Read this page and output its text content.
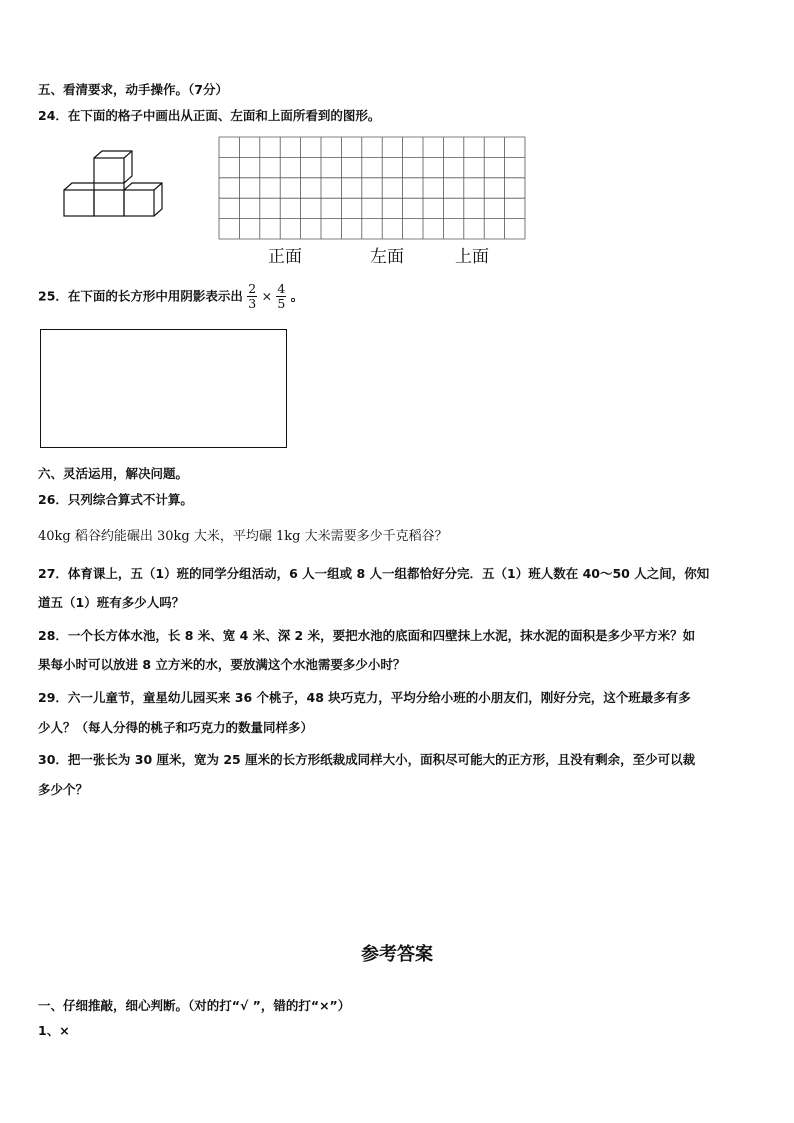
五、看清要求，动手操作。（7分）
24．在下面的格子中画出从正面、左面和上面所看到的图形。
正面	左面	上面
25．在下面的长方形中用阴影表示出 $\frac{2}{3} \times \frac{4}{5}$ 。
六、灵活运用，解决问题。
26．只列综合算式不计算。
40kg 稻谷约能碾出 30kg 大米，平均碾 1kg 大米需要多少千克稻谷？
27．体育课上，五（1）班的同学分组活动，6 人一组或 8 人一组都恰好分完．五（1）班人数在 40～50 人之间，你知
道五（1）班有多少人吗？
28．一个长方体水池，长 8 米、宽 4 米、深 2 米，要把水池的底面和四壁抹上水泥，抹水泥的面积是多少平方米？如
果每小时可以放进 8 立方米的水，要放满这个水池需要多少小时？
29．六一儿童节，童星幼儿园买来 36 个桃子，48 块巧克力，平均分给小班的小朋友们，刚好分完，这个班最多有多
少人？（每人分得的桃子和巧克力的数量同样多）
30．把一张长为 30 厘米，宽为 25 厘米的长方形纸裁成同样大小，面积尽可能大的正方形，且没有剩余，至少可以裁
多少个？
参考答案
一、仔细推敲，细心判断。（对的打“√ ”，错的打“×”）
1、×
